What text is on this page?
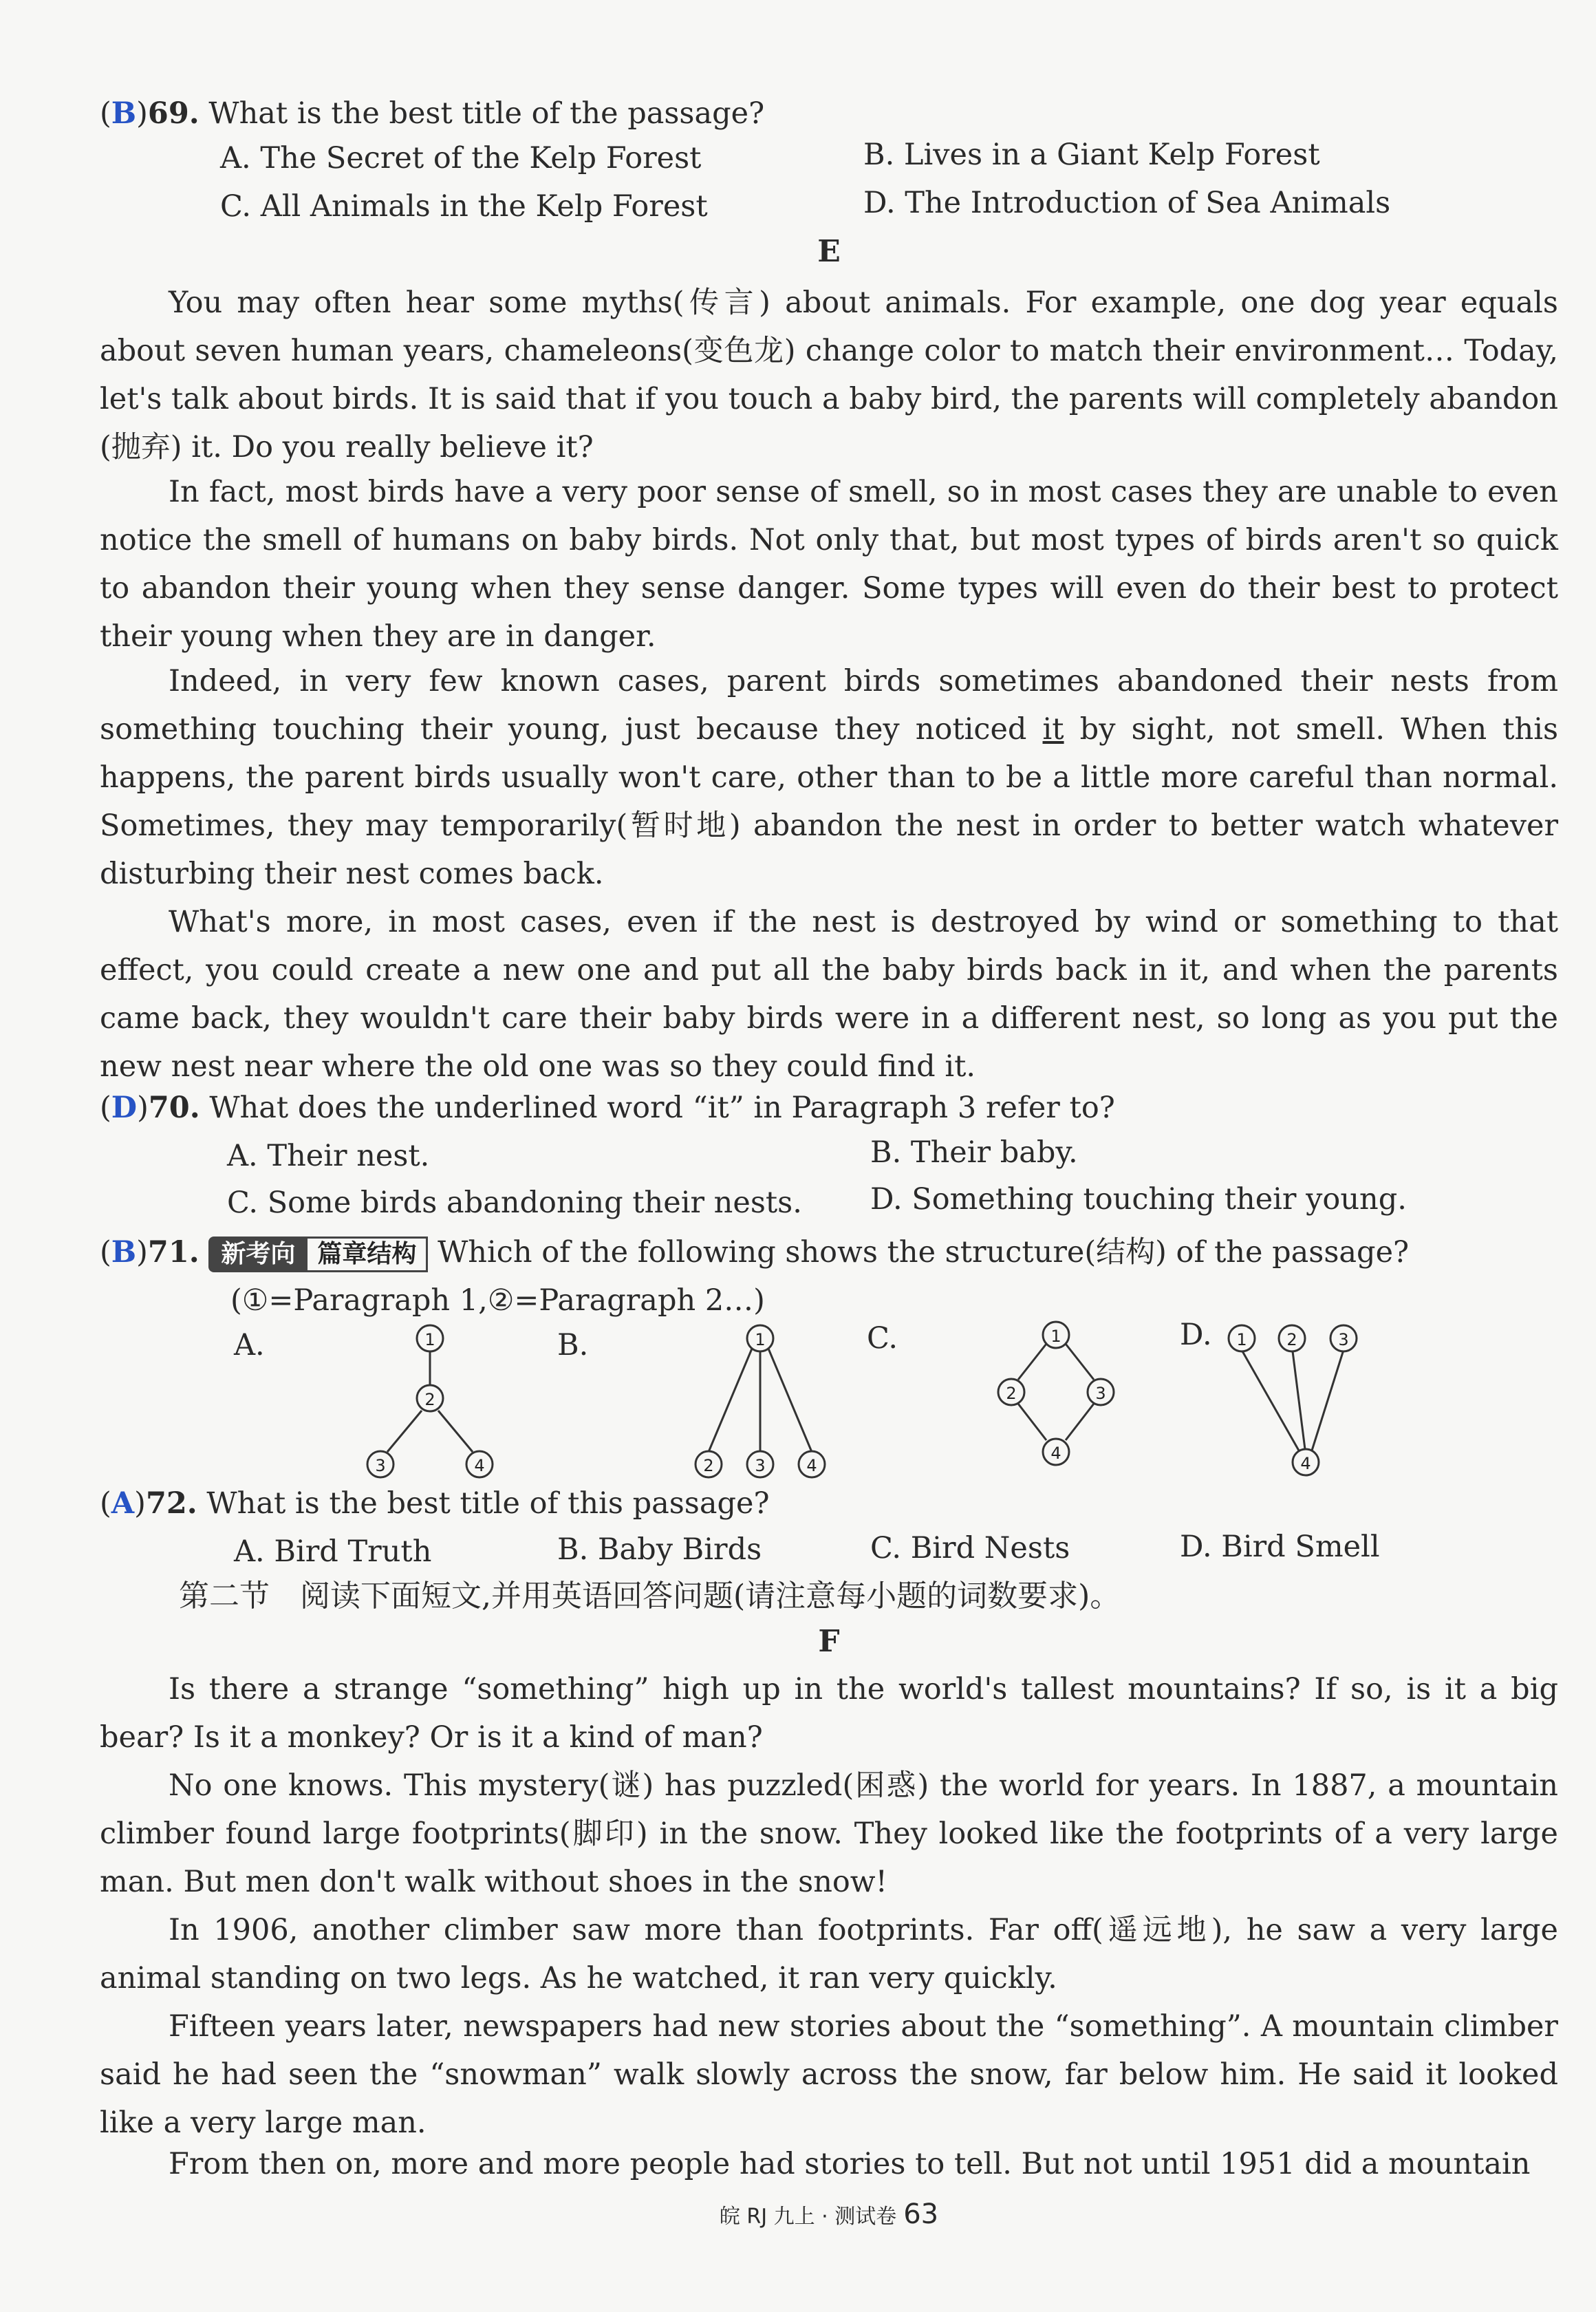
(B)69. What is the best title of the passage?
A. The Secret of the Kelp Forest	B. Lives in a Giant Kelp Forest
C. All Animals in the Kelp Forest	D. The Introduction of Sea Animals
E

You may often hear some myths(传言) about animals. For example, one dog year equals about seven human years, chameleons(变色龙) change color to match their environment… Today, let's talk about birds. It is said that if you touch a baby bird, the parents will completely abandon (抛弃) it. Do you really believe it?

In fact, most birds have a very poor sense of smell, so in most cases they are unable to even notice the smell of humans on baby birds. Not only that, but most types of birds aren't so quick to abandon their young when they sense danger. Some types will even do their best to protect their young when they are in danger.

Indeed, in very few known cases, parent birds sometimes abandoned their nests from something touching their young, just because they noticed it by sight, not smell. When this happens, the parent birds usually won't care, other than to be a little more careful than normal. Sometimes, they may temporarily(暂时地) abandon the nest in order to better watch whatever disturbing their nest comes back.

What's more, in most cases, even if the nest is destroyed by wind or something to that effect, you could create a new one and put all the baby birds back in it, and when the parents came back, they wouldn't care their baby birds were in a different nest, so long as you put the new nest near where the old one was so they could find it.

(D)70. What does the underlined word “it” in Paragraph 3 refer to?
A. Their nest.	B. Their baby.
C. Some birds abandoning their nests. D. Something touching their young.
(B)71. 新考向 篇章结构 Which of the following shows the structure(结构) of the passage?
(①=Paragraph 1,②=Paragraph 2…)
A.	1
2
3	4
B.	1
2 3 4
C.	1
2	3
4
D. 1 2 3
4
(A)72. What is the best title of this passage?
A. Bird Truth	B. Baby Birds	C. Bird Nests	D. Bird Smell
第二节　阅读下面短文,并用英语回答问题(请注意每小题的词数要求)。
F

Is there a strange “something” high up in the world's tallest mountains? If so, is it a big bear? Is it a monkey? Or is it a kind of man?

No one knows. This mystery(谜) has puzzled(困惑) the world for years. In 1887, a mountain climber found large footprints(脚印) in the snow. They looked like the footprints of a very large man. But men don't walk without shoes in the snow!

In 1906, another climber saw more than footprints. Far off(遥远地), he saw a very large animal standing on two legs. As he watched, it ran very quickly.

Fifteen years later, newspapers had new stories about the “something”. A mountain climber said he had seen the “snowman” walk slowly across the snow, far below him. He said it looked like a very large man.

From then on, more and more people had stories to tell. But not until 1951 did a mountain

皖 RJ 九上 · 测试卷 63
